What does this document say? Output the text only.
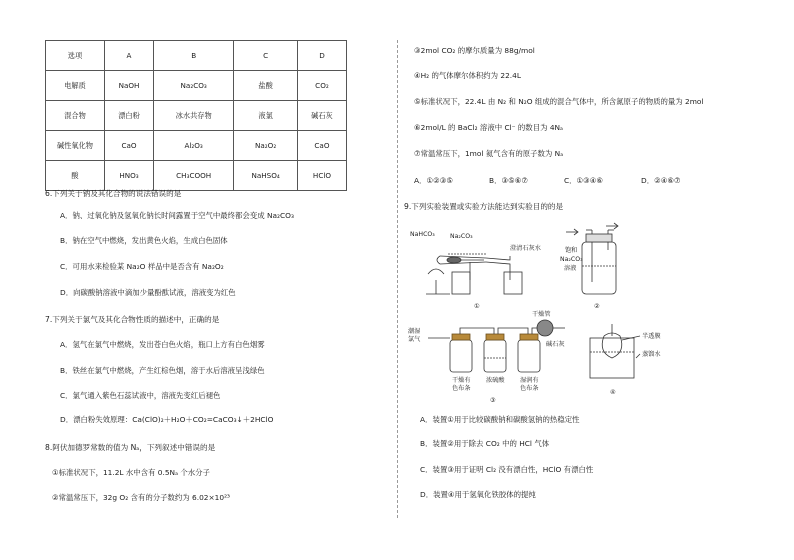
选项	A	B	C	D
电解质	NaOH	Na₂CO₃	盐酸	CO₂
混合物	漂白粉	冰水共存物	液氯	碱石灰
碱性氧化物	CaO	Al₂O₃	Na₂O₂	CaO
酸	HNO₃	CH₃COOH	NaHSO₄	HClO
6.下列关于钠及其化合物的说法错误的是
A．钠、过氧化钠及氢氧化钠长时间露置于空气中最终都会变成 Na₂CO₃
B．钠在空气中燃烧，发出黄色火焰，生成白色固体
C．可用水来检验某 Na₂O 样品中是否含有 Na₂O₂
D．向碳酸钠溶液中滴加少量酚酞试液，溶液变为红色
7.下列关于氯气及其化合物性质的描述中，正确的是
A．氢气在氯气中燃烧，发出苍白色火焰，瓶口上方有白色烟雾
B．铁丝在氯气中燃烧，产生红棕色烟，溶于水后溶液呈浅绿色
C．氯气通入紫色石蕊试液中，溶液先变红后褪色
D．漂白粉失效原理：Ca(ClO)₂＋H₂O＋CO₂=CaCO₃↓＋2HClO
8.阿伏加德罗常数的值为 Nₐ，下列叙述中错误的是
①标准状况下，11.2L 水中含有 0.5Nₐ 个水分子
②常温常压下，32g O₂ 含有的分子数约为 6.02×10²³
③2mol CO₂ 的摩尔质量为 88g/mol
④H₂ 的气体摩尔体积约为 22.4L
⑤标准状况下，22.4L 由 N₂ 和 N₂O 组成的混合气体中，所含氮原子的物质的量为 2mol
⑥2mol/L 的 BaCl₂ 溶液中 Cl⁻ 的数目为 4Nₐ
⑦常温常压下，1mol 氦气含有的原子数为 Nₐ
A．①②③⑤	B．③⑤⑥⑦	C．①③④⑥	D．②④⑥⑦
9.下列实验装置或实验方法能达到实验目的的是
NaHCO₃ Na₂CO₃
澄清石灰水	饱和
Na₂CO₃
溶液
潮湿
氯气
干燥管
干燥有
色布条
浓硫酸 湿润有
色布条
碱石灰
半透膜
蒸馏水
①	②
③
④
A．装置①用于比较碳酸钠和碳酸氢钠的热稳定性
B．装置②用于除去 CO₂ 中的 HCl 气体
C．装置③用于证明 Cl₂ 没有漂白性，HClO 有漂白性
D．装置④用于氢氧化铁胶体的提纯
